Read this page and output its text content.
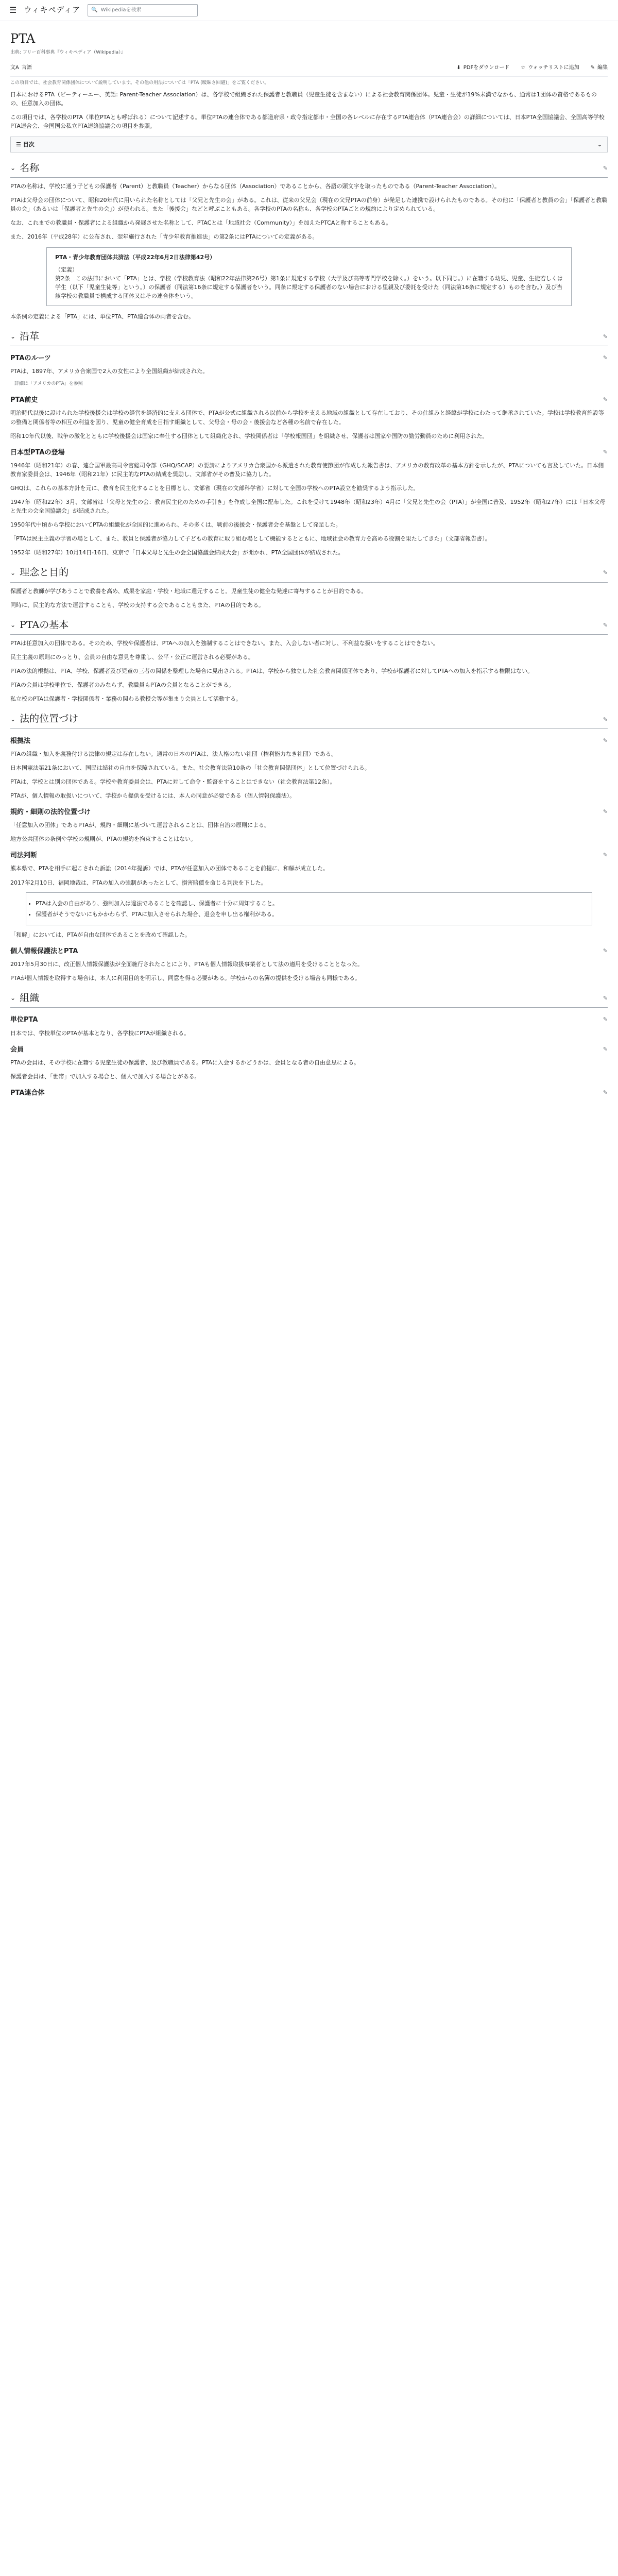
☰ ウィキペディア 🔍 Wikipediaを検索
PTA
出典: フリー百科事典『ウィキペディア（Wikipedia）』
文A 言語	⬇ PDFをダウンロード ☆ ウォッチリストに追加 ✎ 編集
この項目では、社会教育関係団体について説明しています。その他の用法については「PTA (曖昧さ回避)」をご覧ください。

日本におけるPTA（ピーティーエー、英語: Parent-Teacher Association）は、各学校で組織された保護者と教職員（児童生徒を含まない）による社会教育関係団体。児童・生徒が19%未満でなかも、通常は1団体の資格であるものの、任意加入の団体。

この項目では、各学校のPTA（単位PTAとも呼ばれる）について記述する。単位PTAの連合体である都道府県・政令指定都市・全国の各レベルに存在するPTA連合体（PTA連合会）の詳細については、日本PTA全国協議会、全国高等学校PTA連合会、全国国公私立PTA連絡協議会の項目を参照。

☰ 目次	⌄
⌄ 名称	✎

PTAの名称は、学校に通う子どもの保護者（Parent）と教職員（Teacher）からなる団体（Association）であることから、各語の頭文字を取ったものである（Parent-Teacher Association）。

PTAは父母会の団体について、昭和20年代に用いられた名称としては「父兄と先生の会」がある。これは、従来の父兄会（現在の父兄PTAの前身）が発足した連携で設けられたものである。その他に「保護者と教員の会」「保護者と教職員の会」（あるいは「保護者と先生の会」）が使われる。また「後援会」などと呼ぶこともある。各学校のPTAの名称も、各学校のPTAごとの規約により定められている。

なお、これまでの教職員・保護者による組織から発展させた名称として、PTACとは「地域社会（Community）」を加えたPTCAと称することもある。

また、2016年（平成28年）に公布され、翌年施行された「青少年教育推進法」の第2条にはPTAについての定義がある。

PTA・青少年教育団体共済法（平成22年6月2日法律第42号）
（定義）
第2条　この法律において「PTA」とは、学校（学校教育法（昭和22年法律第26号）第1条に規定する学校（大学及び高等専門学校を除く。）をいう。以下同じ。）に在籍する幼児、児童、生徒若しくは学生（以下「児童生徒等」という。）の保護者（同法第16条に規定する保護者をいう。同条に規定する保護者のない場合における里親及び委託を受けた（同法第16条に規定する）ものを含む。）及び当該学校の教職員で構成する団体又はその連合体をいう。

本条例の定義による「PTA」には、単位PTA、PTA連合体の両者を含む。

⌄ 沿革	✎
PTAのルーツ	✎

PTAは、1897年、アメリカ合衆国で2人の女性により全国組織が結成された。

詳細は「アメリカのPTA」を参照
PTA前史	✎

明治時代以後に設けられた学校後援会は学校の経営を経済的に支える団体で、PTAが公式に組織される以前から学校を支える地域の組織として存在しており、その仕組みと経緯が学校にわたって継承されていた。学校は学校教育施設等の整備と関係者等の相互の利益を図り、児童の健全育成を目指す組織として、父母会・母の会・後援会など各種の名前で存在した。

昭和10年代以後、戦争の激化とともに学校後援会は国家に奉仕する団体として組織化され、学校関係者は「学校報国団」を組織させ、保護者は国家や国防の勤労動員のために利用された。

日本型PTAの登場	✎

1946年（昭和21年）の春、連合国軍最高司令官総司令部（GHQ/SCAP）の要請によりアメリカ合衆国から派遣された教育使節団が作成した報告書は、アメリカの教育改革の基本方針を示したが、PTAについても言及していた。日本側教育家委員会は、1946年（昭和21年）に民主的なPTAの結成を奨励し、文部省がその普及に協力した。

GHQは、これらの基本方針を元に、教育を民主化することを目標とし、文部省（現在の文部科学省）に対して全国の学校へのPTA設立を勧奨するよう指示した。

1947年（昭和22年）3月、文部省は「父母と先生の会：教育民主化のための手引き」を作成し全国に配布した。これを受けて1948年（昭和23年）4月に「父兄と先生の会（PTA）」が全国に普及、1952年（昭和27年）には「日本父母と先生の会全国協議会」が結成された。

1950年代中頃から学校においてPTAの組織化が全国的に進められ、その多くは、戦前の後援会・保護者会を基盤として発足した。

「PTAは民主主義の学習の場として、また、教員と保護者が協力して子どもの教育に取り組む場として機能するとともに、地域社会の教育力を高める役割を果たしてきた」（文部省報告書）。

1952年（昭和27年）10月14日-16日、東京で「日本父母と先生の会全国協議会結成大会」が開かれ、PTA全国団体が結成された。

⌄ 理念と目的	✎

保護者と教師が学びあうことで教養を高め、成果を家庭・学校・地域に還元すること。児童生徒の健全な発達に寄与することが目的である。

同時に、民主的な方法で運営することも、学校の支持する会であることもまた、PTAの目的である。

⌄ PTAの基本	✎

PTAは任意加入の団体である。そのため、学校や保護者は、PTAへの加入を強制することはできない。また、入会しない者に対し、不利益な扱いをすることはできない。

民主主義の原則にのっとり、会員の自由な意見を尊重し、公平・公正に運営される必要がある。

PTAの法的根拠は、PTA、学校、保護者及び児童の三者の関係を整理した場合に見出される。PTAは、学校から独立した社会教育関係団体であり、学校が保護者に対してPTAへの加入を指示する権限はない。

PTAの会員は学校単位で、保護者のみならず、教職員もPTAの会員となることができる。

私立校のPTAは保護者・学校関係者・業務の関わる教授会等が集まり会員として活動する。

⌄ 法的位置づけ	✎
根拠法	✎

PTAの組織・加入を義務付ける法律の規定は存在しない。通常の日本のPTAは、法人格のない社団（権利能力なき社団）である。

日本国憲法第21条において、国民は結社の自由を保障されている。また、社会教育法第10条の「社会教育関係団体」として位置づけられる。

PTAは、学校とは別の団体である。学校や教育委員会は、PTAに対して命令・監督をすることはできない（社会教育法第12条）。

PTAが、個人情報の取扱いについて、学校から提供を受けるには、本人の同意が必要である（個人情報保護法）。

規約・細則の法的位置づけ	✎

「任意加入の団体」であるPTAが、規約・細則に基づいて運営されることは、団体自治の原則による。

地方公共団体の条例や学校の規則が、PTAの規約を拘束することはない。

司法判断	✎

熊本県で、PTAを相手に起こされた訴訟（2014年提訴）では、PTAが任意加入の団体であることを前提に、和解が成立した。

2017年2月10日、福岡地裁は、PTAの加入の強制があったとして、損害賠償を命じる判決を下した。

• PTAは入会の自由があり、強制加入は違法であることを確認し、保護者に十分に周知すること。
• 保護者がそうでないにもかかわらず、PTAに加入させられた場合、退会を申し出る権利がある。

「和解」においては、PTAが自由な団体であることを改めて確認した。

個人情報保護法とPTA	✎

2017年5月30日に、改正個人情報保護法が全面施行されたことにより、PTAも個人情報取扱事業者として法の適用を受けることとなった。

PTAが個人情報を取得する場合は、本人に利用目的を明示し、同意を得る必要がある。学校からの名簿の提供を受ける場合も同様である。

⌄ 組織	✎
単位PTA	✎

日本では、学校単位のPTAが基本となり、各学校にPTAが組織される。

会員	✎

PTAの会員は、その学校に在籍する児童生徒の保護者、及び教職員である。PTAに入会するかどうかは、会員となる者の自由意思による。

保護者会員は、「世帯」で加入する場合と、個人で加入する場合とがある。

PTA連合体	✎
